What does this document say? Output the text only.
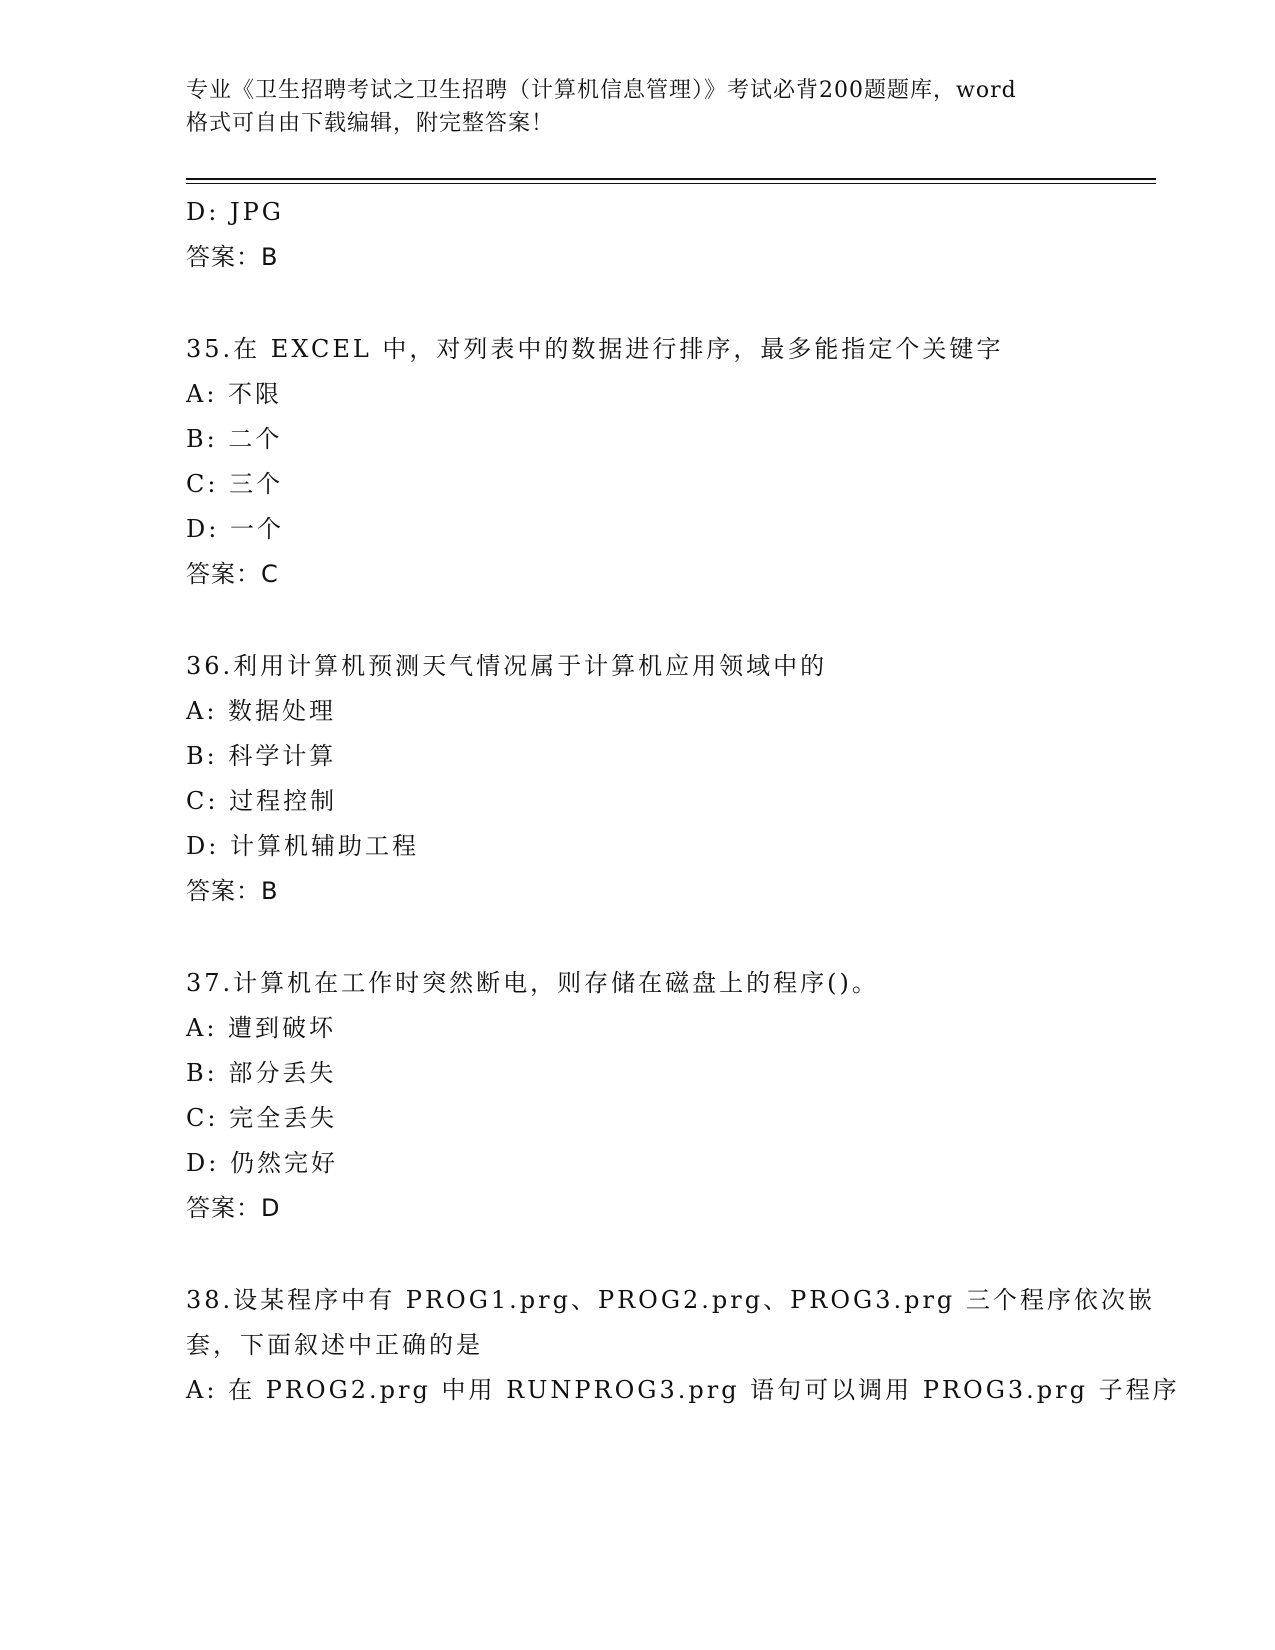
专业《卫生招聘考试之卫生招聘（计算机信息管理）》考试必背200题题库，word
格式可自由下载编辑，附完整答案！
D: JPG
答案：B
35.在 EXCEL 中，对列表中的数据进行排序，最多能指定个关键字
A: 不限
B: 二个
C: 三个
D: 一个
答案：C
36.利用计算机预测天气情况属于计算机应用领域中的
A: 数据处理
B: 科学计算
C: 过程控制
D: 计算机辅助工程
答案：B
37.计算机在工作时突然断电，则存储在磁盘上的程序()。
A: 遭到破坏
B: 部分丢失
C: 完全丢失
D: 仍然完好
答案：D
38.设某程序中有 PROG1.prg、PROG2.prg、PROG3.prg 三个程序依次嵌
套，下面叙述中正确的是
A: 在 PROG2.prg 中用 RUNPROG3.prg 语句可以调用 PROG3.prg 子程序
